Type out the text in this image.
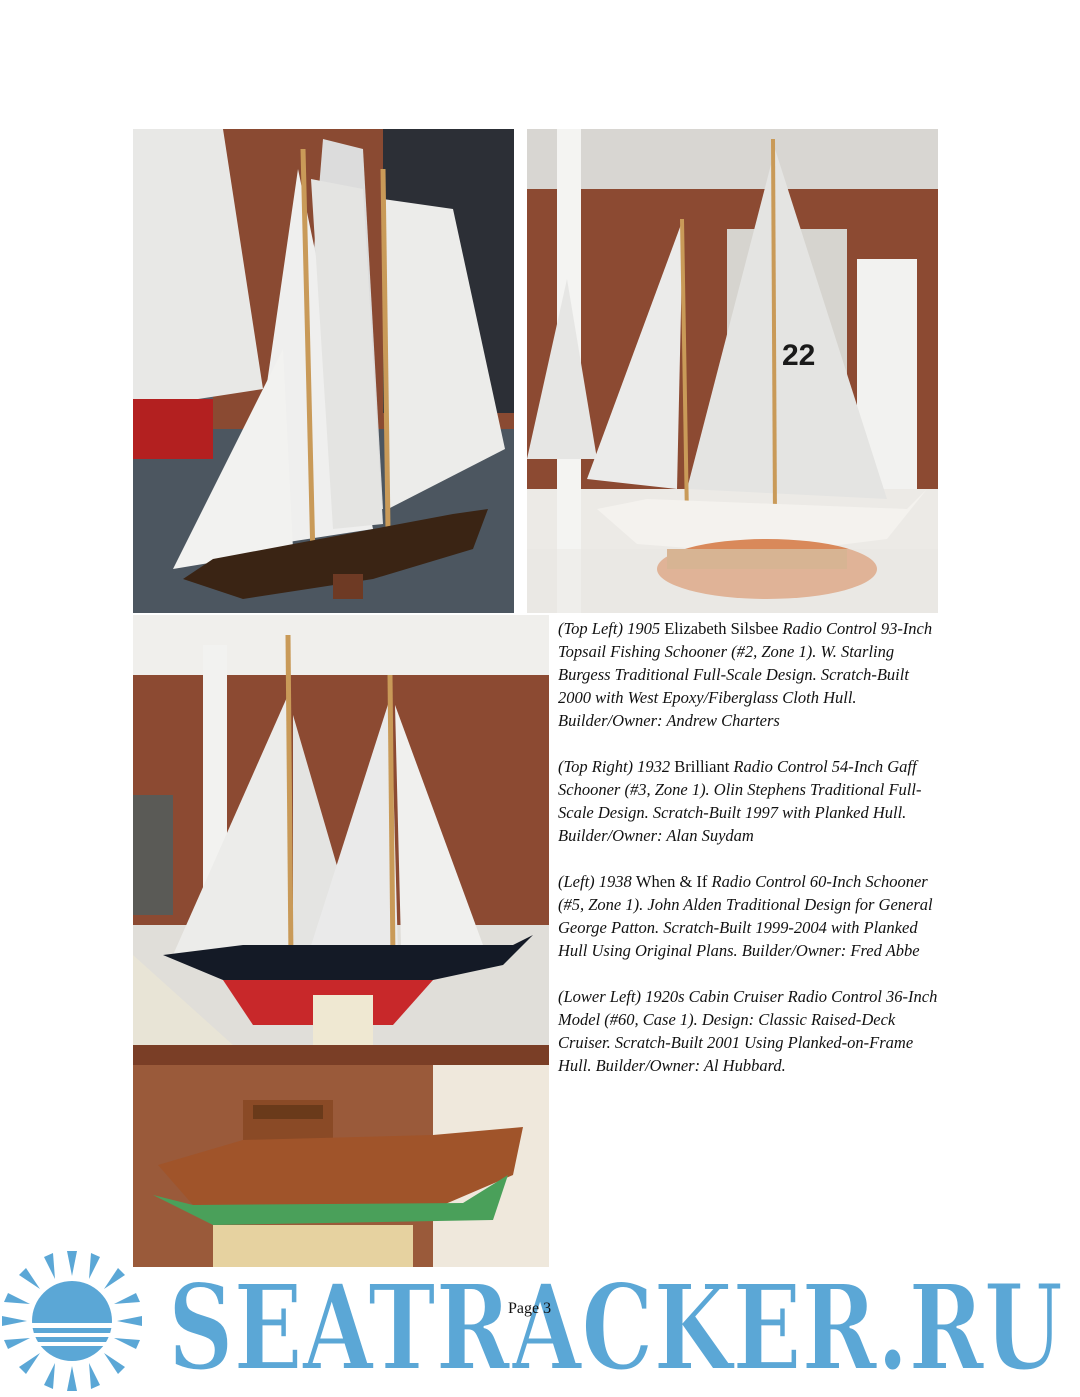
22

(Top Left) 1905 Elizabeth Silsbee Radio Control 93-Inch Topsail Fishing Schooner (#2, Zone 1). W. Starling Burgess Traditional Full-Scale Design. Scratch-Built 2000 with West Epoxy/Fiberglass Cloth Hull. Builder/Owner: Andrew Charters

(Top Right) 1932 Brilliant Radio Control 54-Inch Gaff Schooner (#3, Zone 1). Olin Stephens Traditional Full-Scale Design. Scratch-Built 1997 with Planked Hull. Builder/Owner: Alan Suydam

(Left) 1938 When & If Radio Control 60-Inch Schooner (#5, Zone 1). John Alden Traditional Design for General George Patton. Scratch-Built 1999-2004 with Planked Hull Using Original Plans. Builder/Owner: Fred Abbe

(Lower Left) 1920s Cabin Cruiser Radio Control 36-Inch Model (#60, Case 1). Design: Classic Raised-Deck Cruiser. Scratch-Built 2001 Using Planked-on-Frame Hull. Builder/Owner: Al Hubbard.

SEATRACKER.RU
Page 3
